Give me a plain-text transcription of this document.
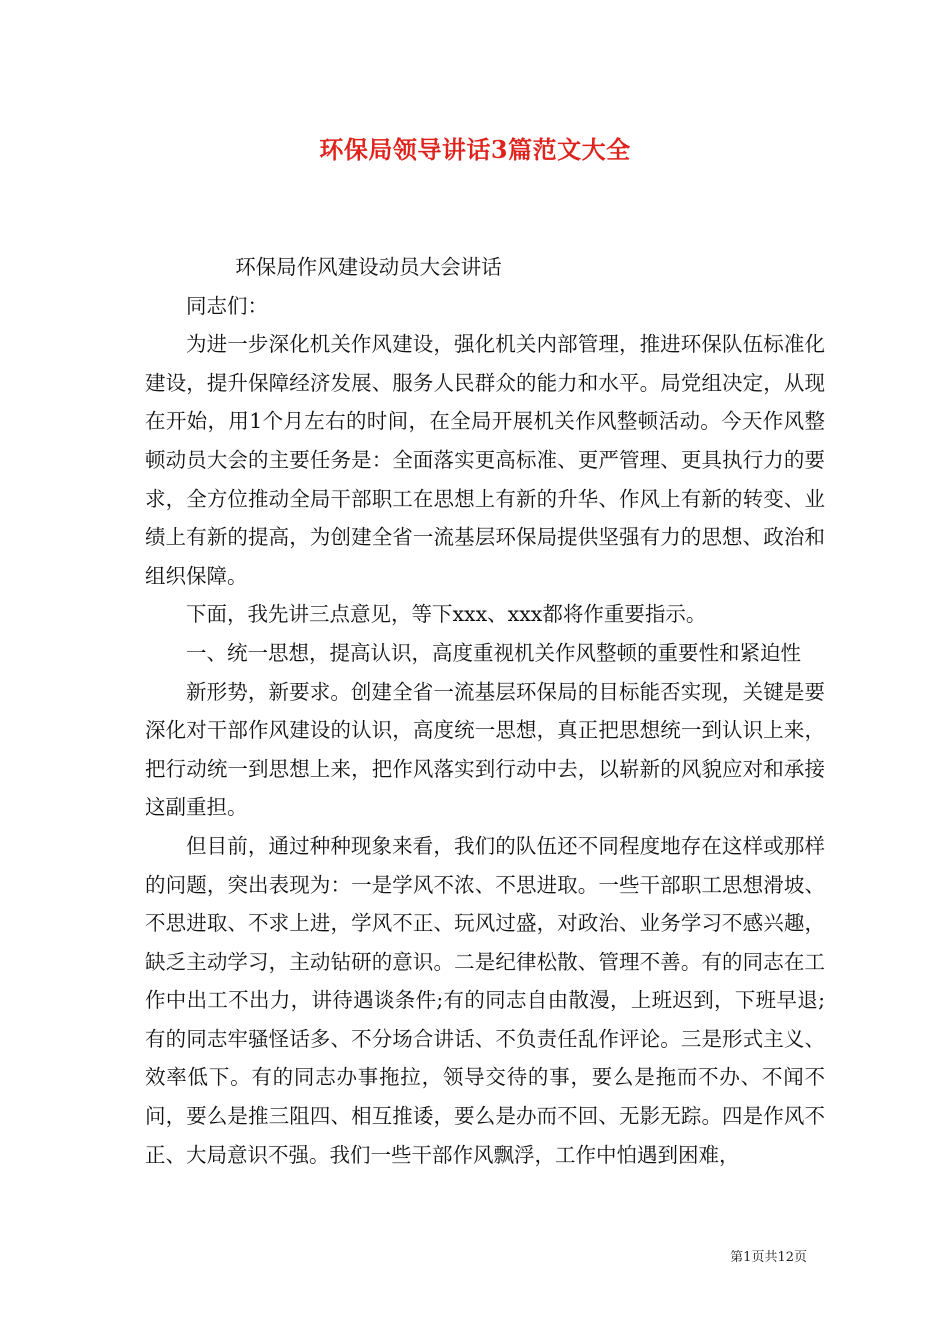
环保局领导讲话3篇范文大全

环保局作风建设动员大会讲话

同志们：

为进一步深化机关作风建设，强化机关内部管理，推进环保队伍标准化建设，提升保障经济发展、服务人民群众的能力和水平。局党组决定，从现在开始，用1个月左右的时间，在全局开展机关作风整顿活动。今天作风整顿动员大会的主要任务是：全面落实更高标准、更严管理、更具执行力的要求，全方位推动全局干部职工在思想上有新的升华、作风上有新的转变、业绩上有新的提高，为创建全省一流基层环保局提供坚强有力的思想、政治和组织保障。

下面，我先讲三点意见，等下xxx、xxx都将作重要指示。

一、统一思想，提高认识，高度重视机关作风整顿的重要性和紧迫性

新形势，新要求。创建全省一流基层环保局的目标能否实现，关键是要深化对干部作风建设的认识，高度统一思想，真正把思想统一到认识上来，把行动统一到思想上来，把作风落实到行动中去，以崭新的风貌应对和承接这副重担。

但目前，通过种种现象来看，我们的队伍还不同程度地存在这样或那样的问题，突出表现为：一是学风不浓、不思进取。一些干部职工思想滑坡、不思进取、不求上进，学风不正、玩风过盛，对政治、业务学习不感兴趣，缺乏主动学习，主动钻研的意识。二是纪律松散、管理不善。有的同志在工作中出工不出力，讲待遇谈条件;有的同志自由散漫，上班迟到，下班早退;有的同志牢骚怪话多、不分场合讲话、不负责任乱作评论。三是形式主义、效率低下。有的同志办事拖拉，领导交待的事，要么是拖而不办、不闻不问，要么是推三阻四、相互推诿，要么是办而不回、无影无踪。四是作风不正、大局意识不强。我们一些干部作风飘浮，工作中怕遇到困难，

第1页共12页
